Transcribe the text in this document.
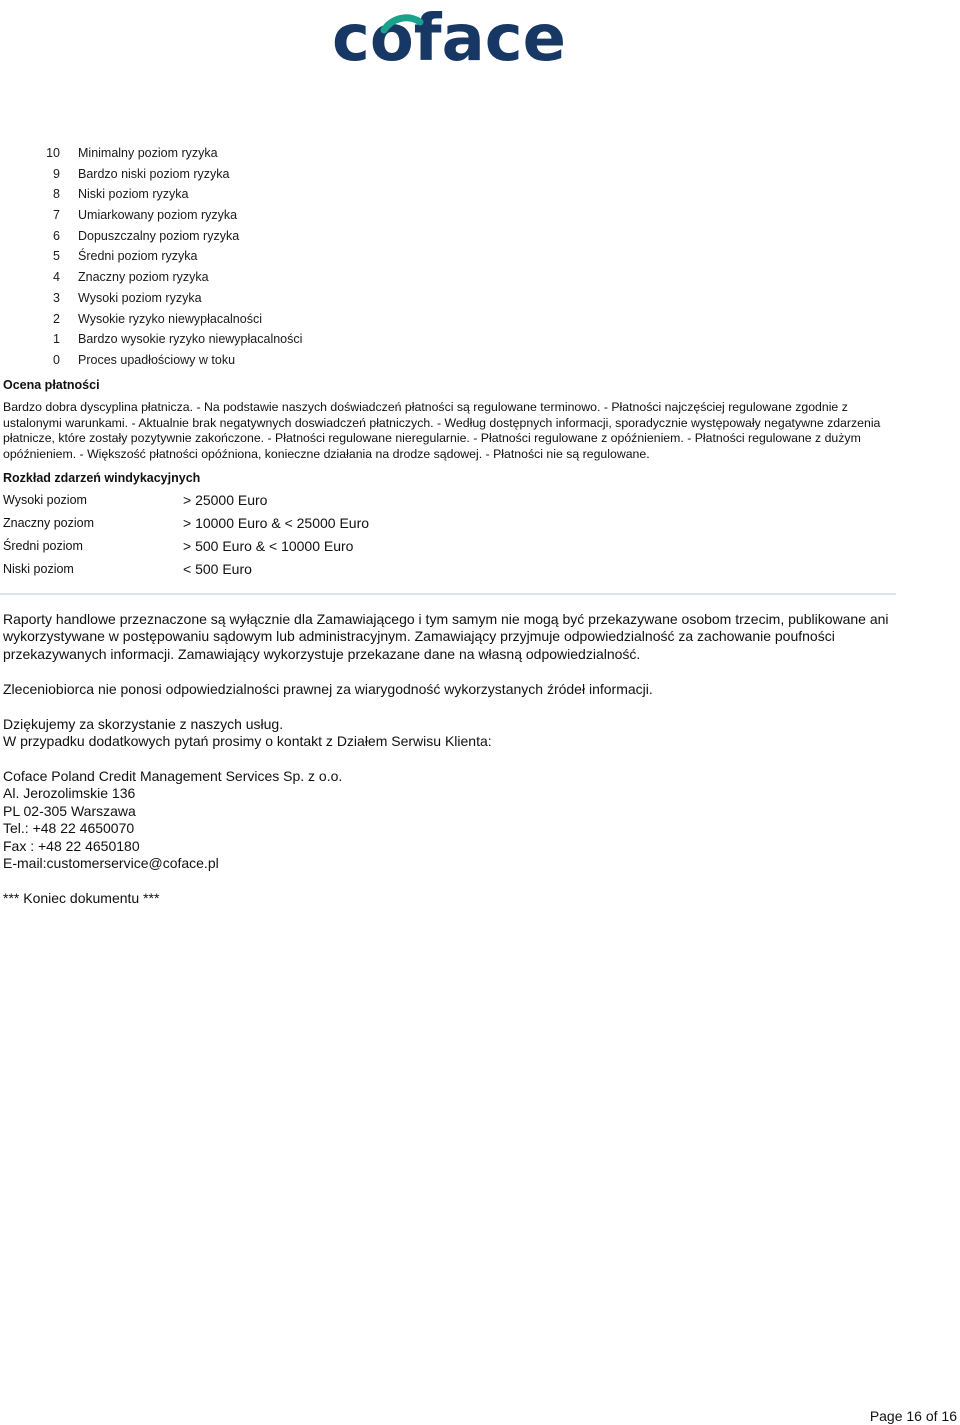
coface
10 Minimalny poziom ryzyka
9 Bardzo niski poziom ryzyka
8 Niski poziom ryzyka
7 Umiarkowany poziom ryzyka
6 Dopuszczalny poziom ryzyka
5 Średni poziom ryzyka
4 Znaczny poziom ryzyka
3 Wysoki poziom ryzyka
2 Wysokie ryzyko niewypłacalności
1 Bardzo wysokie ryzyko niewypłacalności
0 Proces upadłościowy w toku
Ocena płatności
Bardzo dobra dyscyplina płatnicza. - Na podstawie naszych doświadczeń płatności są regulowane terminowo. - Płatności najczęściej regulowane zgodnie z ustalonymi warunkami. - Aktualnie brak negatywnych doswiadczeń płatniczych. - Według dostępnych informacji, sporadycznie występowały negatywne zdarzenia płatnicze, które zostały pozytywnie zakończone. - Płatności regulowane nieregularnie. - Płatności regulowane z opóźnieniem. - Płatności regulowane z dużym opóźnieniem. - Większość płatności opóźniona, konieczne działania na drodze sądowej. - Płatności nie są regulowane.
Rozkład zdarzeń windykacyjnych
Wysoki poziom	> 25000 Euro
Znaczny poziom	> 10000 Euro & < 25000 Euro
Średni poziom	> 500 Euro & < 10000 Euro
Niski poziom	< 500 Euro

Raporty handlowe przeznaczone są wyłącznie dla Zamawiającego i tym samym nie mogą być przekazywane osobom trzecim, publikowane ani wykorzystywane w postępowaniu sądowym lub administracyjnym. Zamawiający przyjmuje odpowiedzialność za zachowanie poufności przekazywanych informacji. Zamawiający wykorzystuje przekazane dane na własną odpowiedzialność.

Zleceniobiorca nie ponosi odpowiedzialności prawnej za wiarygodność wykorzystanych źródeł informacji.

Dziękujemy za skorzystanie z naszych usług.

W przypadku dodatkowych pytań prosimy o kontakt z Działem Serwisu Klienta:

Coface Poland Credit Management Services Sp. z o.o.

Al. Jerozolimskie 136

PL 02-305 Warszawa

Tel.: +48 22 4650070

Fax : +48 22 4650180

E-mail:customerservice@coface.pl

*** Koniec dokumentu ***

Page 16 of 16
